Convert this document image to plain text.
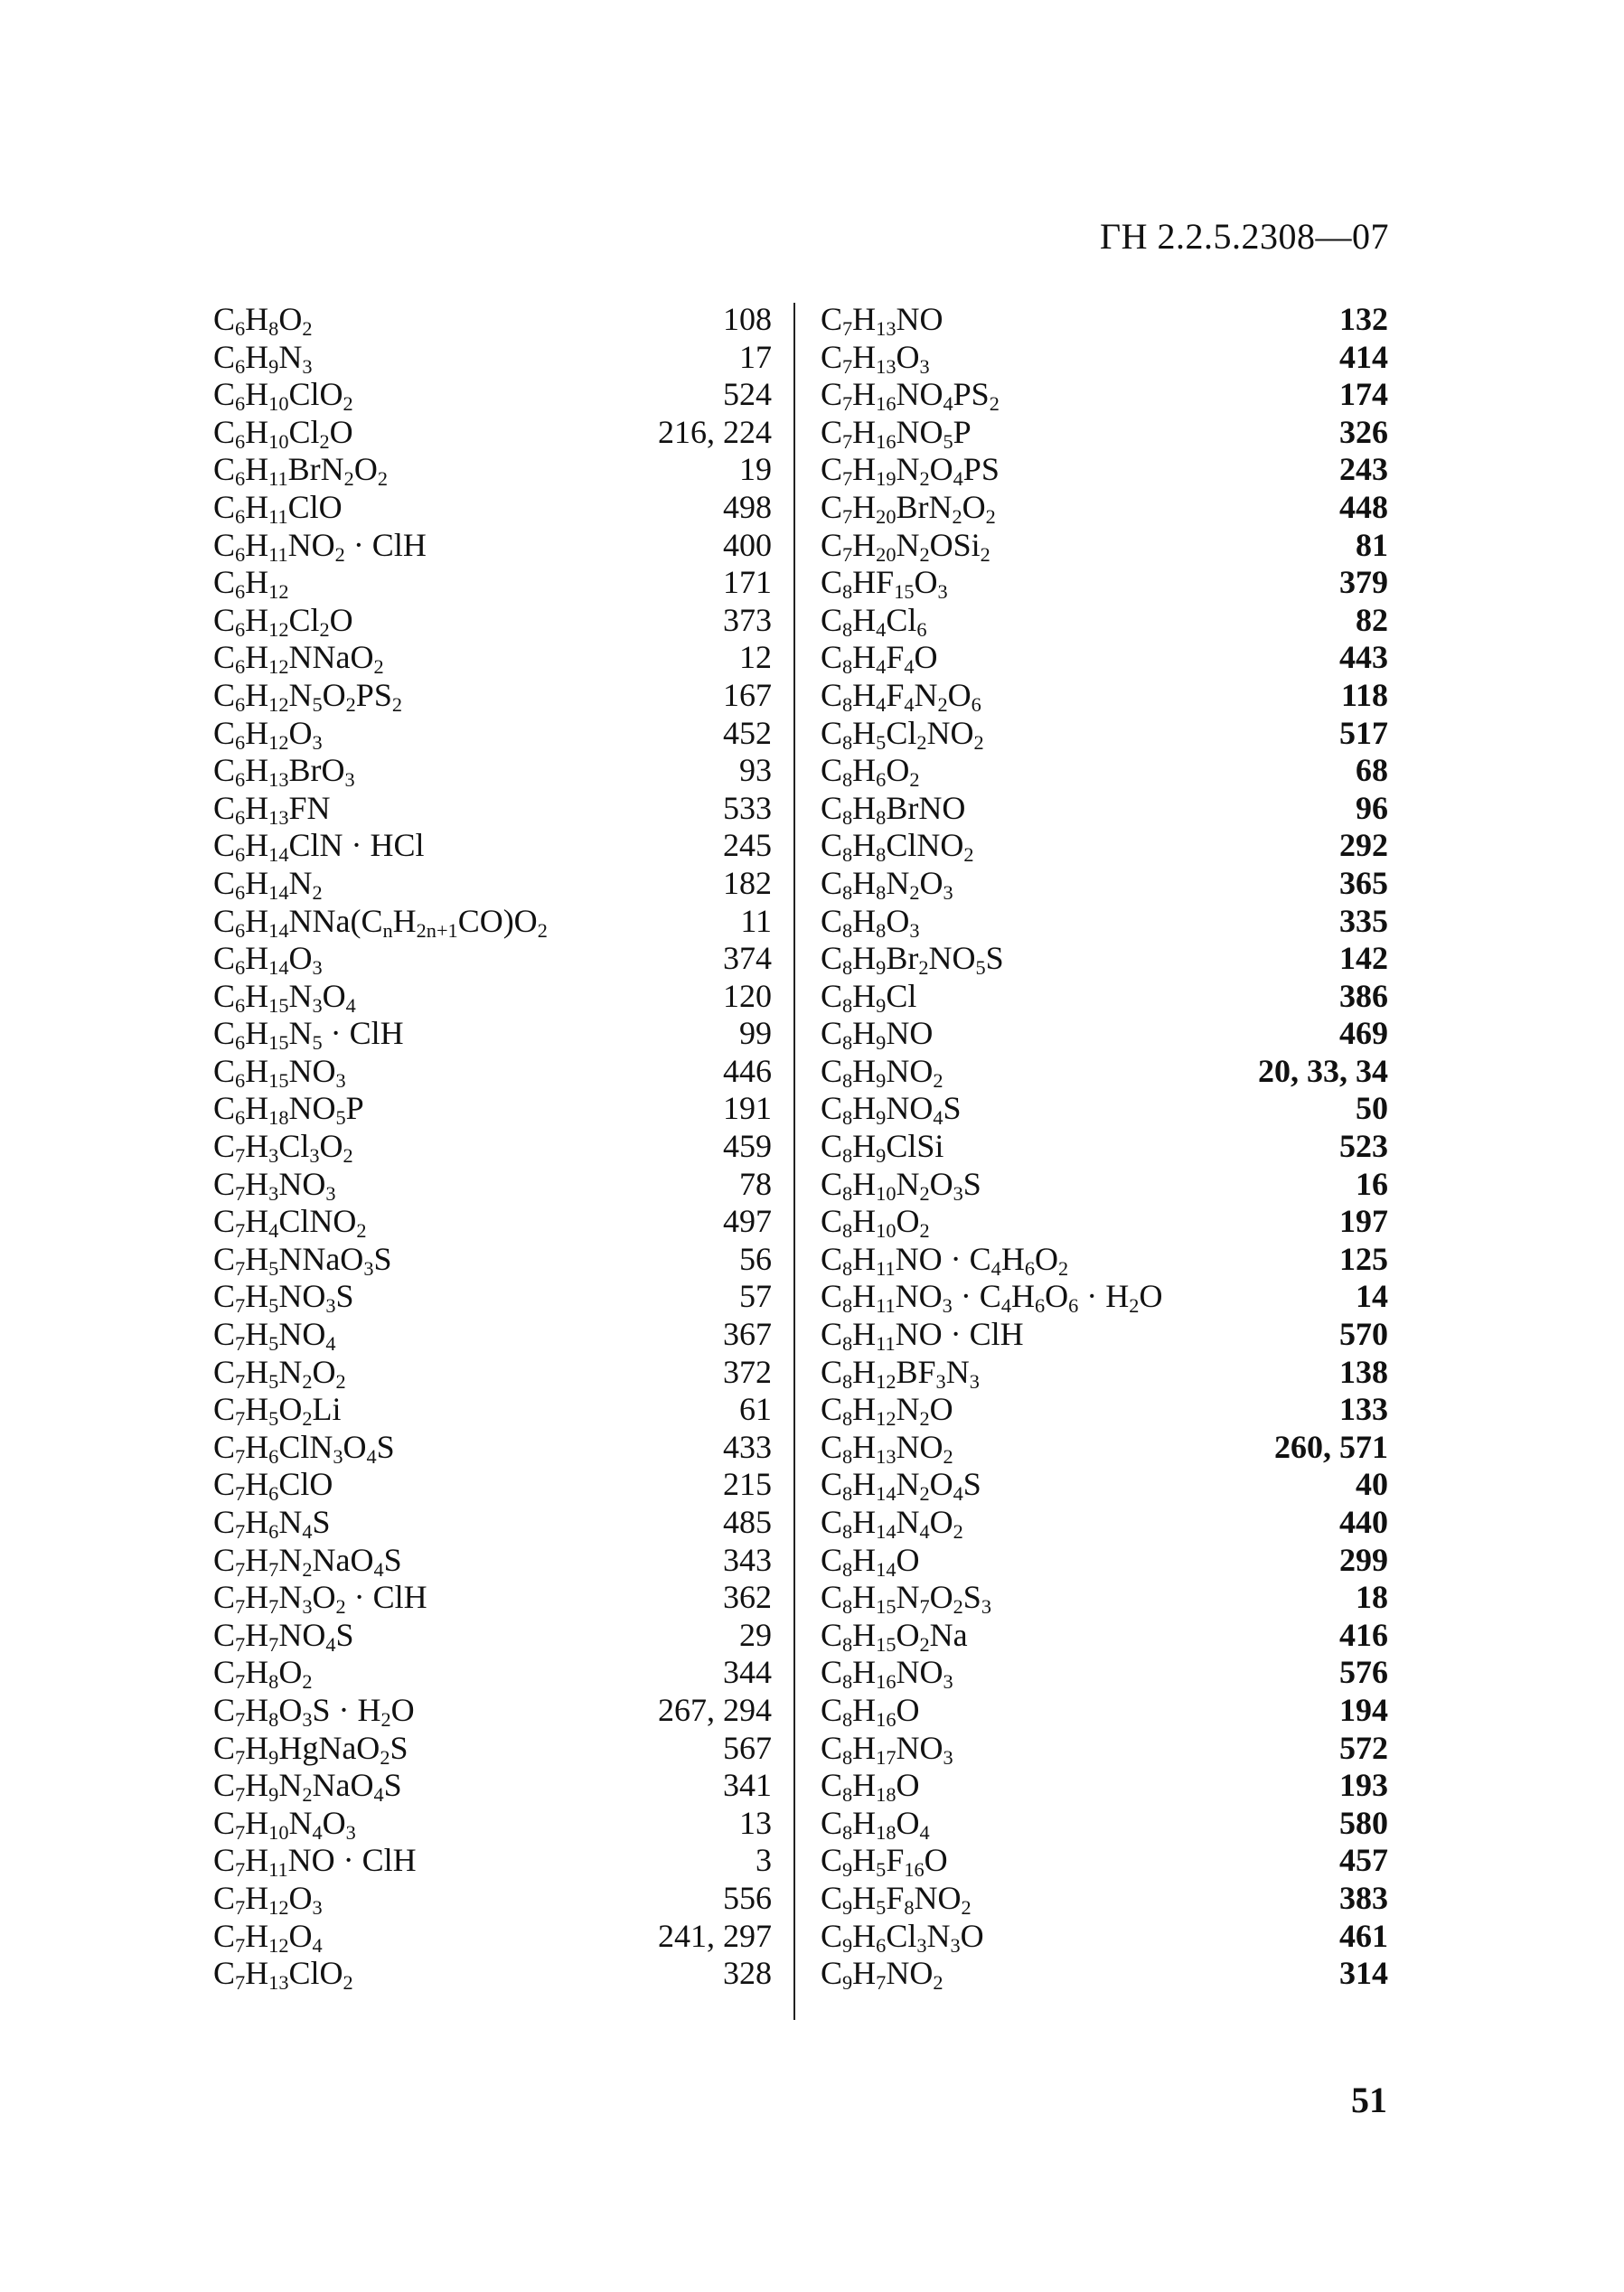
ГН 2.2.5.2308—07
$C_6H_8O_2$	108
$C_6H_9N_3$	17
$C_6H_{10}ClO_2$	524
$C_6H_{10}Cl_2O$	216, 224
$C_6H_{11}BrN_2O_2$	19
$C_6H_{11}ClO$	498
$C_6H_{11}NO_2$ · ClH	400
$C_6H_{12}$	171
$C_6H_{12}Cl_2O$	373
$C_6H_{12}NNaO_2$	12
$C_6H_{12}N_5O_2PS_2$	167
$C_6H_{12}O_3$	452
$C_6H_{13}BrO_3$	93
$C_6H_{13}FN$	533
$C_6H_{14}ClN$ · HCl	245
$C_6H_{14}N_2$	182
$C_6H_{14}NNa(C_nH_{2n+1}CO)O_2$	11
$C_6H_{14}O_3$	374
$C_6H_{15}N_3O_4$	120
$C_6H_{15}N_5$ · ClH	99
$C_6H_{15}NO_3$	446
$C_6H_{18}NO_5P$	191
$C_7H_3Cl_3O_2$	459
$C_7H_3NO_3$	78
$C_7H_4ClNO_2$	497
$C_7H_5NNaO_3S$	56
$C_7H_5NO_3S$	57
$C_7H_5NO_4$	367
$C_7H_5N_2O_2$	372
$C_7H_5O_2Li$	61
$C_7H_6ClN_3O_4S$	433
$C_7H_6ClO$	215
$C_7H_6N_4S$	485
$C_7H_7N_2NaO_4S$	343
$C_7H_7N_3O_2$ · ClH	362
$C_7H_7NO_4S$	29
$C_7H_8O_2$	344
$C_7H_8O_3S \cdot H_2O$	267, 294
$C_7H_9HgNaO_2S$	567
$C_7H_9N_2NaO_4S$	341
$C_7H_{10}N_4O_3$	13
$C_7H_{11}NO$ · ClH	3
$C_7H_{12}O_3$	556
$C_7H_{12}O_4$	241, 297
$C_7H_{13}ClO_2$	328
$C_7H_{13}NO$	132
$C_7H_{13}O_3$	414
$C_7H_{16}NO_4PS_2$	174
$C_7H_{16}NO_5P$	326
$C_7H_{19}N_2O_4PS$	243
$C_7H_{20}BrN_2O_2$	448
$C_7H_{20}N_2OSi_2$	81
$C_8HF_{15}O_3$	379
$C_8H_4Cl_6$	82
$C_8H_4F_4O$	443
$C_8H_4F_4N_2O_6$	118
$C_8H_5Cl_2NO_2$	517
$C_8H_6O_2$	68
$C_8H_8BrNO$	96
$C_8H_8ClNO_2$	292
$C_8H_8N_2O_3$	365
$C_8H_8O_3$	335
$C_8H_9Br_2NO_5S$	142
$C_8H_9Cl$	386
$C_8H_9NO$	469
$C_8H_9NO_2$	20, 33, 34
$C_8H_9NO_4S$	50
$C_8H_9ClSi$	523
$C_8H_{10}N_2O_3S$	16
$C_8H_{10}O_2$	197
$C_8H_{11}NO \cdot C_4H_6O_2$	125
$C_8H_{11}NO_3 \cdot C_4H_6O_6 \cdot H_2O$	14
$C_8H_{11}NO$ · ClH	570
$C_8H_{12}BF_3N_3$	138
$C_8H_{12}N_2O$	133
$C_8H_{13}NO_2$	260, 571
$C_8H_{14}N_2O_4S$	40
$C_8H_{14}N_4O_2$	440
$C_8H_{14}O$	299
$C_8H_{15}N_7O_2S_3$	18
$C_8H_{15}O_2Na$	416
$C_8H_{16}NO_3$	576
$C_8H_{16}O$	194
$C_8H_{17}NO_3$	572
$C_8H_{18}O$	193
$C_8H_{18}O_4$	580
$C_9H_5F_{16}O$	457
$C_9H_5F_8NO_2$	383
$C_9H_6Cl_3N_3O$	461
$C_9H_7NO_2$	314
51
